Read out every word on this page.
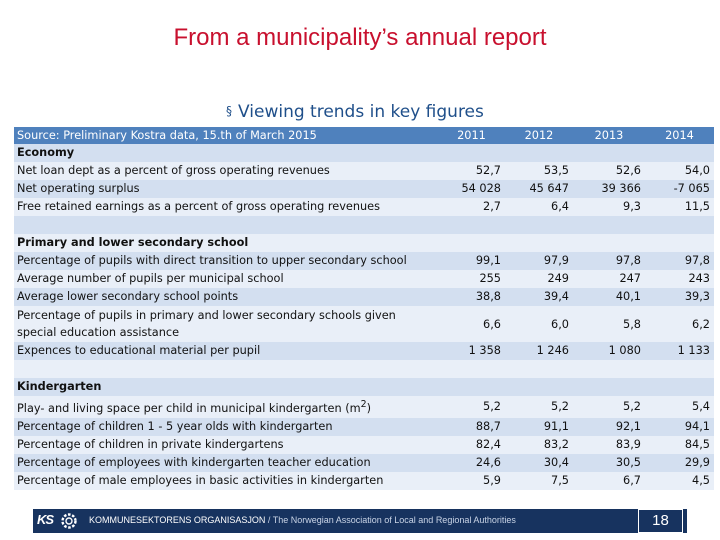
From a municipality’s annual report
§ Viewing trends in key figures
Source: Preliminary Kostra data, 15.th of March 2015	2011	2012	2013	2014
Economy				
Net loan dept as a percent of gross operating revenues	52,7	53,5	52,6	54,0
Net operating surplus	54 028	45 647	39 366	-7 065
Free retained earnings as a percent of gross operating revenues	2,7	6,4	9,3	11,5

Primary and lower secondary school				
Percentage of pupils with direct transition to upper secondary school	99,1	97,9	97,8	97,8
Average number of pupils per municipal school	255	249	247	243
Average lower secondary school points	38,8	39,4	40,1	39,3
Percentage of pupils in primary and lower secondary schools given special education assistance	6,6	6,0	5,8	6,2
Expences to educational material per pupil	1 358	1 246	1 080	1 133

Kindergarten				
Play- and living space per child in municipal kindergarten $(m^2)$	5,2	5,2	5,2	5,4
Percentage of children 1 - 5 year olds with kindergarten	88,7	91,1	92,1	94,1
Percentage of children in private kindergartens	82,4	83,2	83,9	84,5
Percentage of employees with kindergarten teacher education	24,6	30,4	30,5	29,9
Percentage of male employees in basic activities in kindergarten	5,9	7,5	6,7	4,5
KS	KOMMUNESEKTORENS ORGANISASJON / The Norwegian Association of Local and Regional Authorities	18
